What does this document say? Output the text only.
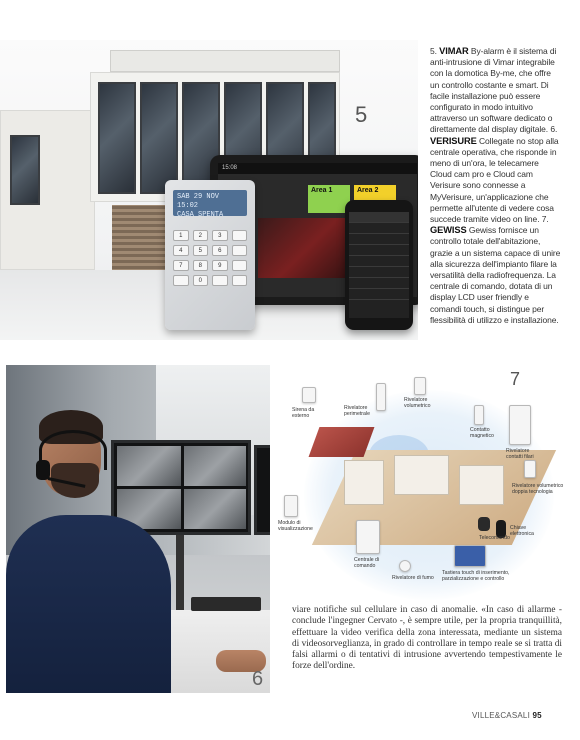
5
15:08
Area 1	Area 2
SAB 29 NOV 15:02
CASA SPENTA
1	2	3
4	5	6
7	8	9
0

5. VIMAR By-alarm è il sistema di anti-intrusione di Vimar integrabile con la domotica By-me, che offre un controllo costante e smart. Di facile installazione può essere configurato in modo intuitivo attraverso un software dedicato o direttamente dal display digitale. 6. VERISURE Collegate no stop alla centrale operativa, che risponde in meno di un'ora, le telecamere Cloud cam pro e Cloud cam Verisure sono connesse a MyVerisure, un'applicazione che permette all'utente di vedere cosa succede tramite video on line. 7. GEWISS Gewiss fornisce un controllo totale dell'abitazione, grazie a un sistema capace di unire alla sicurezza dell'impianto filare la versatilità della radiofrequenza. La centrale di comando, dotata di un display LCD user friendly e comandi touch, si distingue per flessibilità di utilizzo e installazione.

6
7
Sirena da esterno
Rivelatore perimetrale
Rivelatore volumetrico
Contatto magnetico
Rivelatore contatti filari
Rivelatore volumetrico doppia tecnologia
Modulo di visualizzazione	Chiave elettronica
Telecomando
Centrale di comando
Rivelatore di fumo
Tastiera touch di inserimento, parzializzazione e controllo
viare notifiche sul cellulare in caso di anomalie. «In caso di allarme - conclude l'ingegner Cervato -, è sempre utile, per la propria tranquillità, effettuare la video verifica della zona interessata, mediante un sistema di videosorveglianza, in grado di controllare in tempo reale se si tratta di falsi allarmi o di tentativi di intrusione avvertendo tempestivamente le forze dell'ordine.
VILLE&CASALI 95
